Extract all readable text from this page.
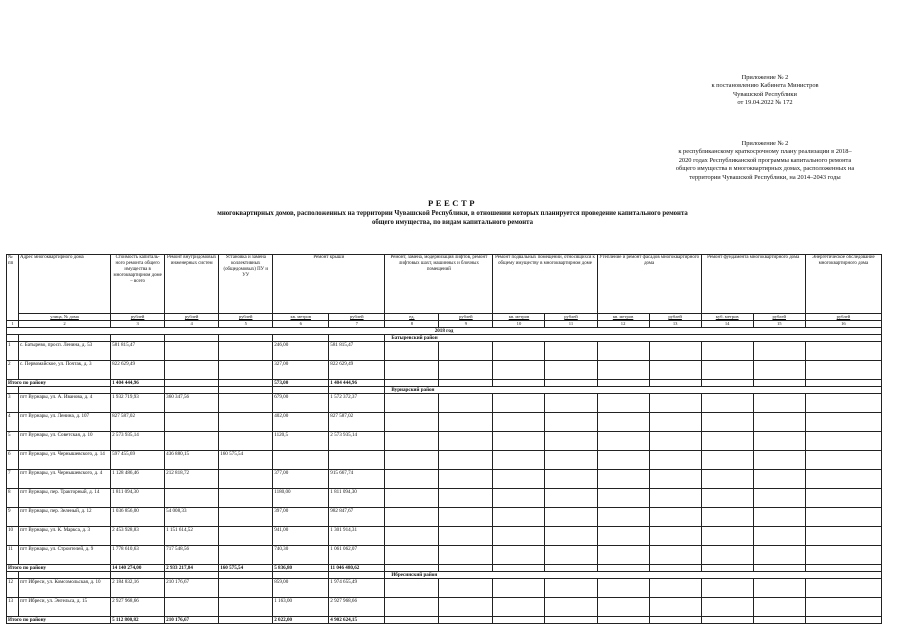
Приложение № 2
к постановлению Кабинета Министров
Чувашской Республики
от 19.04.2022 № 172
Приложение № 2
к республиканскому краткосрочному плану реализации в 2018–
2020 годах Республиканской программы капитального ремонта
общего имущества в многоквартирных домах, расположенных на
территории Чувашской Республики, на 2014–2043 годы
РЕЕСТР
многоквартирных домов, расположенных на территории Чувашской Республики, в отношении которых планируется проведение капитального ремонта
общего имущества, по видам капитального ремонта
№ пп	Адрес многоквартирного дома	Стоимость капиталь-ного ремонта общего имущества в многоквартирном доме – всего	Ремонт внутридомовых инженерных систем	Установка и замена коллективных (общедомовых) ПУ и УУ	Ремонт крыши		Ремонт, замена, модернизация лифтов, ремонт лифтовых шахт, машинных и блочных помещений		Ремонт подвальных помещений, относящихся к общему имуществу в многоквартирном доме		Утепление и ремонт фасадов многоквартирного дома		Ремонт фундамента многоквартирного дома		Энергетическое обследование многоквартирного дома
	улица, № дома	рублей	рублей	рублей	кв. метров	рублей	ед.	рублей	кв. метров	рублей	кв. метров	рублей	куб. метров	рублей	рублей
1	2	3	4	5	6	7	8	9	10	11	12	13	14	15	16
2018 год															
							Батыревский район								
1	с. Батырево, просп. Ленина, д. 53	581 815,47			246,00	581 815,47									
2	с. Первомайское, ул. Почтак, д. 3	822 629,49			327,00	822 629,49									
Итого по району		1 404 444,96			573,00	1 404 444,96									
							Вурнарский район								
3	пгт Вурнары, ул. А. Иванова, д. 4	1 932 719,93	360 347,56		679,00	1 572 372,37									
4	пгт Вурнары, ул. Ленина, д. 107	827 587,02			402,00	827 587,02									
5	пгт Вурнары, ул. Советская, д. 10	2 573 935,14			1120,5	2 573 935,14									
6	пгт Вурнары, ул. Чернышевского, д. 14	597 455,69	436 880,15	160 575,54											
7	пгт Вурнары, ул. Чернышевского, д. 4	1 128 486,46	212 818,72		377,00	915 667,74									
8	пгт Вурнары, пер. Тракторный, д. 14	1 811 094,30			1180,00	1 811 094,30									
9	пгт Вурнары, пер. Зеленый, д. 12	1 036 856,00	54 008,33		397,00	982 847,67									
10	пгт Вурнары, ул. К. Маркса, д. 3	2 453 928,83	1 151 614,52		941,00	1 301 914,31									
11	пгт Вурнары, ул. Строителей, д. 9	1 778 610,63	717 548,56		740,30	1 061 062,07									
Итого по району		14 140 274,00	2 933 217,84	160 575,54	5 836,80	11 046 480,62									
							Ибресинский район								
12	пгт Ибреси, ул. Комсомольская, д. 10	2 184 832,16	210 176,67		859,00	1 974 655,49									
13	пгт Ибреси, ул. Энгельса, д. 15	2 927 968,66			1 163,00	2 927 968,66									
Итого по району		5 112 800,82	210 176,67		2 022,00	4 902 624,15									
